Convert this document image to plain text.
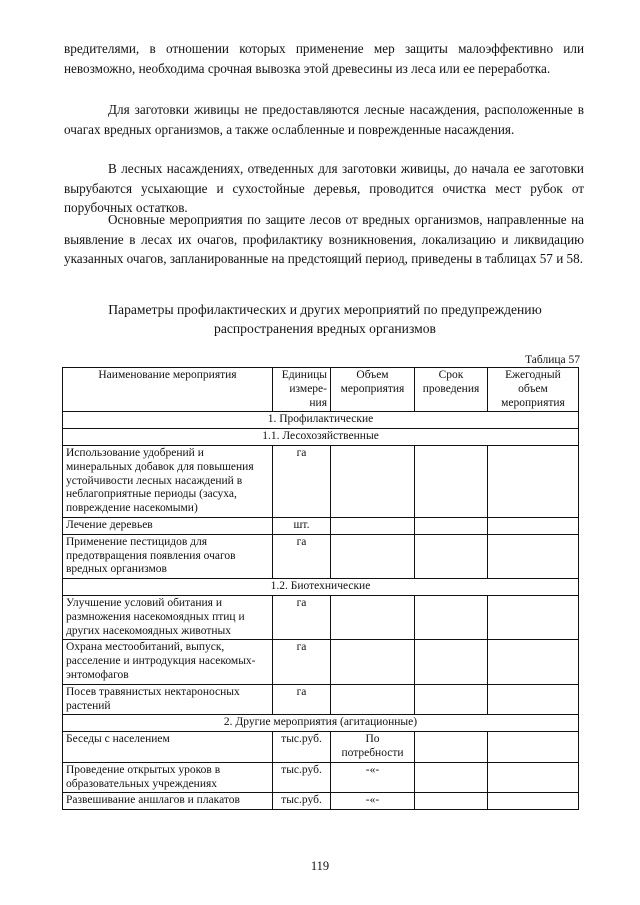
вредителями, в отношении которых применение мер защиты малоэффективно или невозможно, необходима срочная вывозка этой древесины из леса или ее переработка.

Для заготовки живицы не предоставляются лесные насаждения, расположенные в очагах вредных организмов, а также ослабленные и поврежденные насаждения.

В лесных насаждениях, отведенных для заготовки живицы, до начала ее заготовки вырубаются усыхающие и сухостойные деревья, проводится очистка мест рубок от порубочных остатков.

Основные мероприятия по защите лесов от вредных организмов, направленные на выявление в лесах их очагов, профилактику возникновения, локализацию и ликвидацию указанных очагов, запланированные на предстоящий период, приведены в таблицах 57 и 58.

Параметры профилактических и других мероприятий по предупреждению распространения вредных организмов

Таблица 57
Наименование мероприятия	Единицы измере-ния	Объем мероприятия	Срок проведения	Ежегодный объем мероприятия
1. Профилактические				
1.1. Лесохозяйственные				
Использование удобрений и минеральных добавок для повышения устойчивости лесных насаждений в неблагоприятные периоды (засуха, повреждение насекомыми)	га			
Лечение деревьев	шт.			
Применение пестицидов для предотвращения появления очагов вредных организмов	га			
1.2. Биотехнические				
Улучшение условий обитания и размножения насекомоядных птиц и других насекомоядных животных	га			
Охрана местообитаний, выпуск, расселение и интродукция насекомых-энтомофагов	га			
Посев травянистых нектароносных растений	га			
2. Другие мероприятия (агитационные)				
Беседы с населением	тыс.руб.	По потребности		
Проведение открытых уроков в образовательных учреждениях	тыс.руб.	-«-		
Развешивание аншлагов и плакатов	тыс.руб.	-«-		
119
